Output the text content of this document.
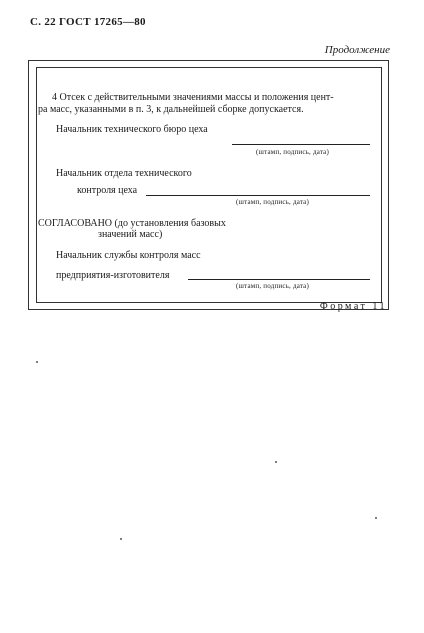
С. 22 ГОСТ 17265—80
Продолжение
4 Отсек с действительными значениями массы и положения цент-
ра масс, указанными в п. 3, к дальнейшей сборке допускается.
Начальник технического бюро цеха
(штамп, подпись, дата)
Начальник отдела технического
контроля цеха
(штамп, подпись, дата)
СОГЛАСОВАНО (до установления базовых
значений масс)
Начальник службы контроля масс
предприятия-изготовителя
(штамп, подпись, дата)
Формат 11
